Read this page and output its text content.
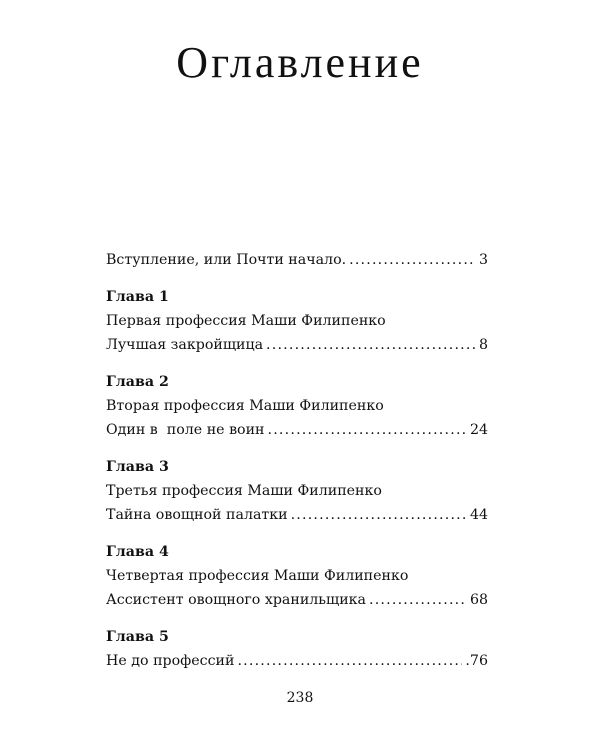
Оглавление
Вступление, или Почти начало. .....	3
Глава 1
Первая профессия Маши Филипенко
Лучшая закройщица .....	8
Глава 2
Вторая профессия Маши Филипенко
Один в  поле не воин .....	24
Глава 3
Третья профессия Маши Филипенко
Тайна овощной палатки .....	44
Глава 4
Четвертая профессия Маши Филипенко
Ассистент овощного хранильщика .....	68
Глава 5
Не до профессий .....	.76
238
